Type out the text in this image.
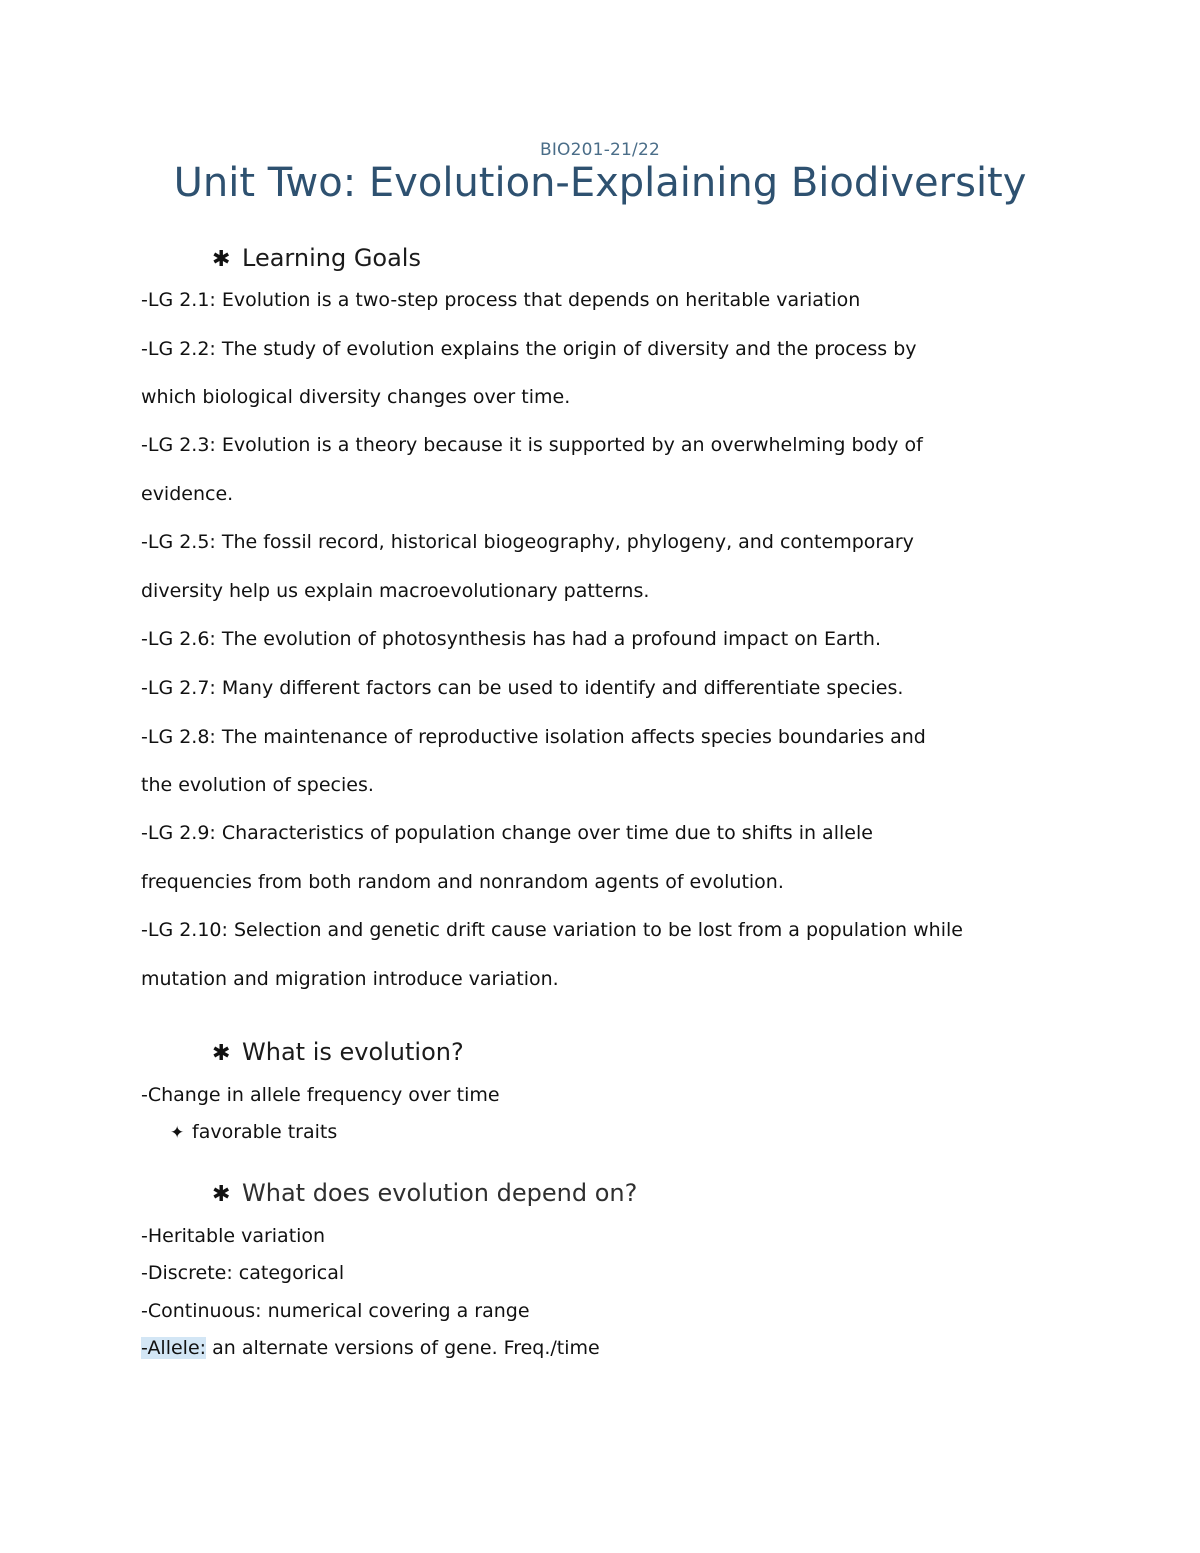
BIO201-21/22
Unit Two: Evolution-Explaining Biodiversity
✱ Learning Goals
-LG 2.1: Evolution is a two-step process that depends on heritable variation
-LG 2.2: The study of evolution explains the origin of diversity and the process by
which biological diversity changes over time.
-LG 2.3: Evolution is a theory because it is supported by an overwhelming body of
evidence.
-LG 2.5: The fossil record, historical biogeography, phylogeny, and contemporary
diversity help us explain macroevolutionary patterns.
-LG 2.6: The evolution of photosynthesis has had a profound impact on Earth.
-LG 2.7: Many different factors can be used to identify and differentiate species.
-LG 2.8: The maintenance of reproductive isolation affects species boundaries and
the evolution of species.
-LG 2.9: Characteristics of population change over time due to shifts in allele
frequencies from both random and nonrandom agents of evolution.
-LG 2.10: Selection and genetic drift cause variation to be lost from a population while
mutation and migration introduce variation.
✱ What is evolution?
-Change in allele frequency over time
✦ favorable traits
✱ What does evolution depend on?
-Heritable variation
-Discrete: categorical
-Continuous: numerical covering a range
-Allele: an alternate versions of gene. Freq./time
